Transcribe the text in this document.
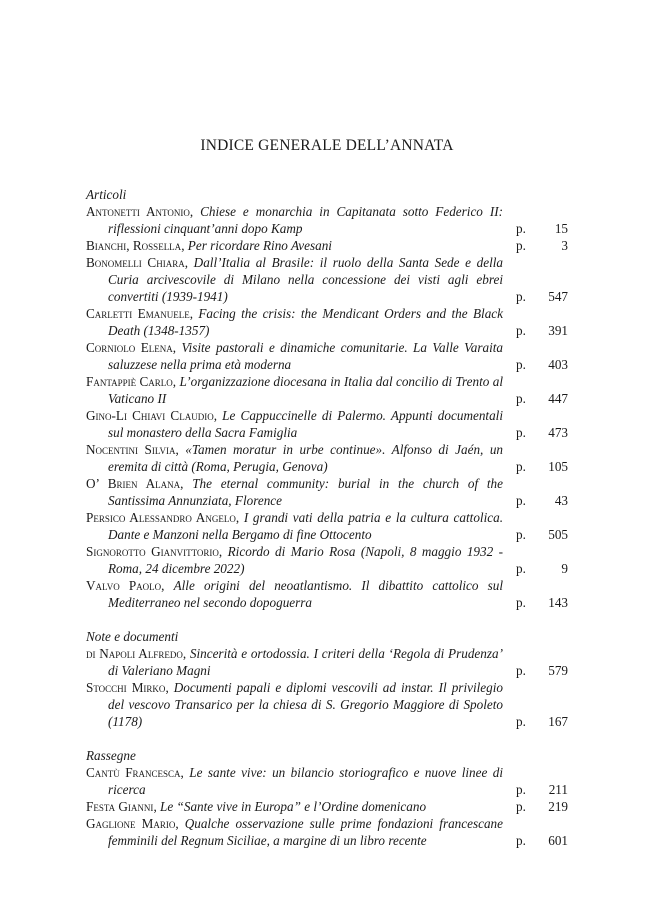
INDICE GENERALE DELL’ANNATA
Articoli
Antonetti Antonio, Chiese e monarchia in Capitanata sotto Federico II: riflessioni cinquant’anni dopo Kamp	p. 15
Bianchi, Rossella, Per ricordare Rino Avesani	p.	3
Bonomelli Chiara, Dall’Italia al Brasile: il ruolo della Santa Sede e della Curia arcivescovile di Milano nella concessione dei visti agli ebrei convertiti (1939-1941)	p. 547
Carletti Emanuele, Facing the crisis: the Mendicant Orders and the Black Death (1348-1357)	p. 391
Corniolo Elena, Visite pastorali e dinamiche comunitarie. La Valle Varaita saluzzese nella prima età moderna	p. 403
Fantappiè Carlo, L’organizzazione diocesana in Italia dal concilio di Trento al Vaticano II	p. 447
Gino-Li Chiavi Claudio, Le Cappuccinelle di Palermo. Appunti documentali sul monastero della Sacra Famiglia	p. 473
Nocentini Silvia, «Tamen moratur in urbe continue». Alfonso di Jaén, un eremita di città (Roma, Perugia, Genova)	p. 105
O’ Brien Alana, The eternal community: burial in the church of the Santissima Annunziata, Florence	p. 43
Persico Alessandro Angelo, I grandi vati della patria e la cultura cattolica. Dante e Manzoni nella Bergamo di fine Ottocento	p. 505
Signorotto Gianvittorio, Ricordo di Mario Rosa (Napoli, 8 maggio 1932 - Roma, 24 dicembre 2022)	p.	9
Valvo Paolo, Alle origini del neoatlantismo. Il dibattito cattolico sul Mediterraneo nel secondo dopoguerra	p. 143
Note e documenti
di Napoli Alfredo, Sincerità e ortodossia. I criteri della ‘Regola di Prudenza’ di Valeriano Magni	p. 579
Stocchi Mirko, Documenti papali e diplomi vescovili ad instar. Il privilegio del vescovo Transarico per la chiesa di S. Gregorio Maggiore di Spoleto (1178)	p. 167
Rassegne
Cantù Francesca, Le sante vive: un bilancio storiografico e nuove linee di ricerca	p. 211
Festa Gianni, Le “Sante vive in Europa” e l’Ordine domenicano	p. 219
Gaglione Mario, Qualche osservazione sulle prime fondazioni francescane femminili del Regnum Siciliae, a margine di un libro recente	p. 601
